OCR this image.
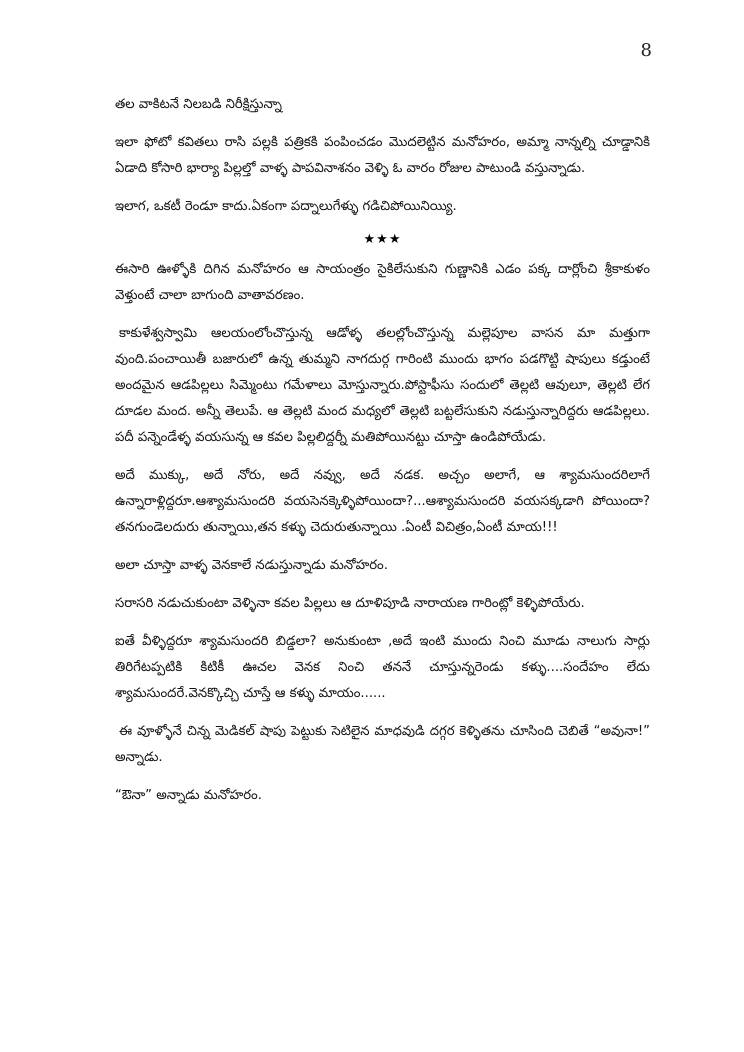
8

తల వాకిటనే నిలబడి నిరీక్షిస్తున్నా

ఇలా ఫోటో కవితలు రాసి పల్లకి పత్రికకి పంపించడం మొదలెట్టిన మనోహరం, అమ్మా నాన్నల్ని చూడ్డానికి ఏడాది కోసారి భార్యా పిల్లల్తో వాళ్ళ పాపవినాశనం వెళ్ళి ఓ వారం రోజుల పాటుండి వస్తున్నాడు.

ఇలాగ, ఒకటీ రెండూ కాదు.ఏకంగా పద్నాలుగేళ్ళు గడిచిపోయినియ్యి.

★★★

ఈసారి ఊళ్ళోకి దిగిన మనోహరం ఆ సాయంత్రం సైకిలేసుకుని గుణ్ణానికి ఎడం పక్క దార్లోంచి శ్రీకాకుళం వెళ్తుంటే చాలా బాగుంది వాతావరణం.

కాకుళేశ్వస్వామి ఆలయంలోంచొస్తున్న ఆడోళ్ళ తలల్లోంచొస్తున్న మల్లెపూల వాసన మా మత్తుగా వుంది.పంచాయితీ బజారులో ఉన్న తుమ్మని నాగదుర్గ గారింటి ముందు భాగం పడగొట్టి షాపులు కడ్తుంటే అందమైన ఆడపిల్లలు సిమ్మెంటు గమేళాలు మోస్తున్నారు.పోస్టాఫీసు సందులో తెల్లటి ఆవులూ, తెల్లటి లేగ దూడల మంద. అన్నీ తెలుపే. ఆ తెల్లటి మంద మధ్యలో తెల్లటి బట్టలేసుకుని నడుస్తున్నారిద్దరు ఆడపిల్లలు. పదీ పన్నెండేళ్ళ వయసున్న ఆ కవల పిల్లలిద్దర్నీ మతిపోయినట్టు చూస్తా ఉండిపోయేడు.

అదే ముక్కు, అదే నోరు, అదే నవ్వు, అదే నడక. అచ్చం అలాగే, ఆ శ్యామసుందరిలాగే ఉన్నారాళ్లిద్దరూ.ఆశ్యామసుందరి వయసెనక్కెళ్ళిపోయిందా?...ఆశ్యామసుందరి వయసక్కడాగి పోయిందా? తనగుండెలదురు తున్నాయి,తన కళ్ళు చెదురుతున్నాయి .ఏంటీ విచిత్రం,ఏంటీ మాయ!!!

అలా చూస్తా వాళ్ళ వెనకాలే నడుస్తున్నాడు మనోహరం.

సరాసరి నడుచుకుంటా వెళ్ళినా కవల పిల్లలు ఆ దూళిపూడి నారాయణ గారింట్లో కెళ్ళిపోయేరు.

ఐతే వీళ్ళిద్దరూ శ్యామసుందరి బిడ్డలా? అనుకుంటా ,అదే ఇంటి ముందు నించి మూడు నాలుగు సార్లు తిరిగేటప్పటికి కిటికీ ఊచల వెనక నించి తననే చూస్తున్నరెండు కళ్ళు....సందేహం లేదు శ్యామసుందరే.వెనక్కొచ్చి చూస్తే ఆ కళ్ళు మాయం......

ఈ వూళ్ళోనే చిన్న మెడికల్ షాపు పెట్టుకు సెటిలైన మాధవుడి దగ్గర కెళ్ళితను చూసింది చెబితే “అవునా!” అన్నాడు.

“ఔనా” అన్నాడు మనోహరం.
